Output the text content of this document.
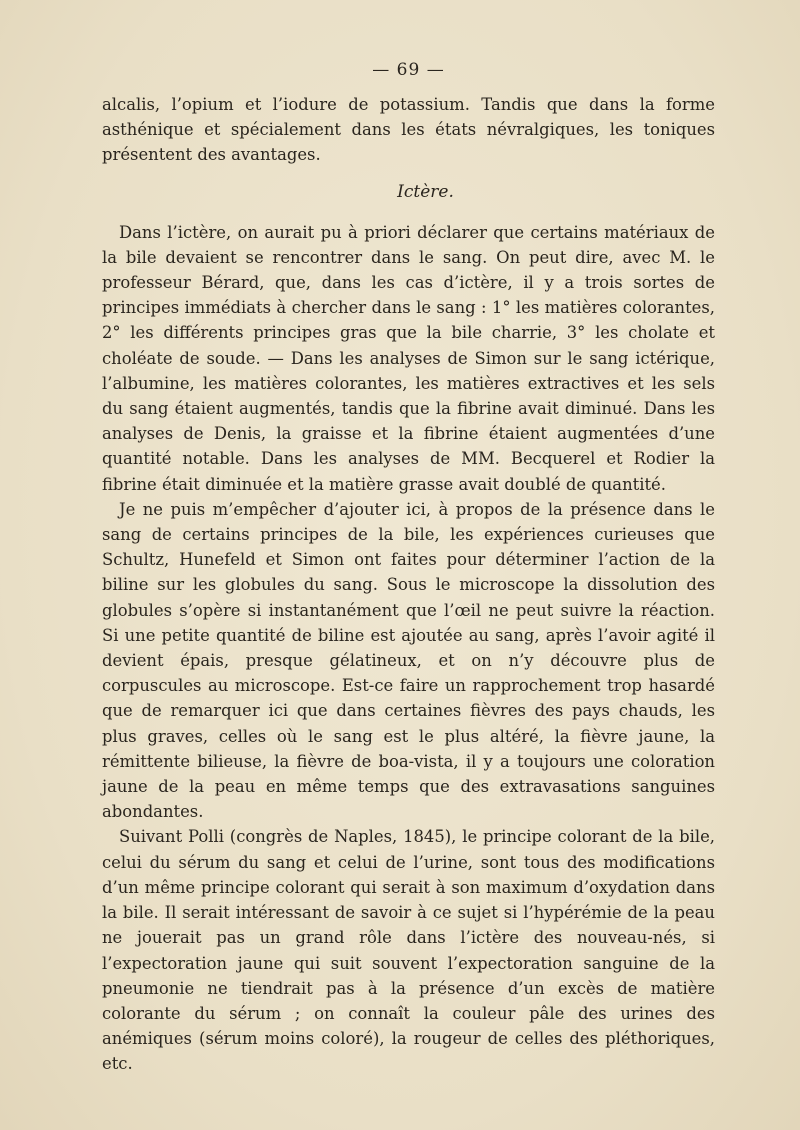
— 69 —

alcalis, l’opium et l’iodure de potassium. Tandis que dans la forme asthénique et spécialement dans les états névralgiques, les toniques présentent des avantages.

Ictère.

Dans l’ictère, on aurait pu à priori déclarer que certains matériaux de la bile devaient se rencontrer dans le sang. On peut dire, avec M. le professeur Bérard, que, dans les cas d’ictère, il y a trois sortes de principes immédiats à chercher dans le sang : 1° les matières colorantes, 2° les différents principes gras que la bile charrie, 3° les cholate et choléate de soude. — Dans les analyses de Simon sur le sang ictérique, l’albumine, les matières colorantes, les matières extractives et les sels du sang étaient augmentés, tandis que la fibrine avait diminué. Dans les analyses de Denis, la graisse et la fibrine étaient augmentées d’une quantité notable. Dans les analyses de MM. Becquerel et Rodier la fibrine était diminuée et la matière grasse avait doublé de quantité.

Je ne puis m’empêcher d’ajouter ici, à propos de la présence dans le sang de certains principes de la bile, les expériences curieuses que Schultz, Hunefeld et Simon ont faites pour déterminer l’action de la biline sur les globules du sang. Sous le microscope la dissolution des globules s’opère si instantanément que l’œil ne peut suivre la réaction. Si une petite quantité de biline est ajoutée au sang, après l’avoir agité il devient épais, presque gélatineux, et on n’y découvre plus de corpuscules au microscope. Est-ce faire un rapprochement trop hasardé que de remarquer ici que dans certaines fièvres des pays chauds, les plus graves, celles où le sang est le plus altéré, la fièvre jaune, la rémittente bilieuse, la fièvre de boa-vista, il y a toujours une coloration jaune de la peau en même temps que des extravasations sanguines abondantes.

Suivant Polli (congrès de Naples, 1845), le principe colorant de la bile, celui du sérum du sang et celui de l’urine, sont tous des modifications d’un même principe colorant qui serait à son maximum d’oxydation dans la bile. Il serait intéressant de savoir à ce sujet si l’hypérémie de la peau ne jouerait pas un grand rôle dans l’ictère des nouveau-nés, si l’expectoration jaune qui suit souvent l’expectoration sanguine de la pneumonie ne tiendrait pas à la présence d’un excès de matière colorante du sérum ; on connaît la couleur pâle des urines des anémiques (sérum moins coloré), la rougeur de celles des pléthoriques, etc.
